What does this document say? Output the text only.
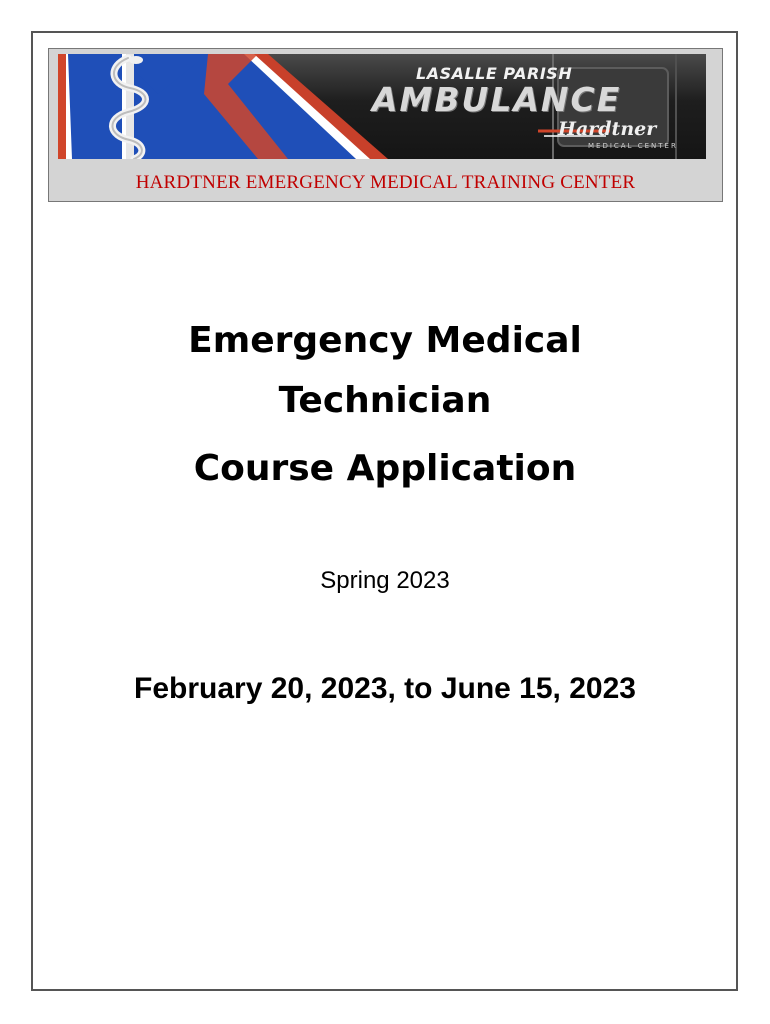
LASALLE PARISH
AMBULANCE
Hardtner
MEDICAL CENTER
HARDTNER EMERGENCY MEDICAL TRAINING CENTER
Emergency Medical
Technician
Course Application
Spring 2023
February 20, 2023, to June 15, 2023
